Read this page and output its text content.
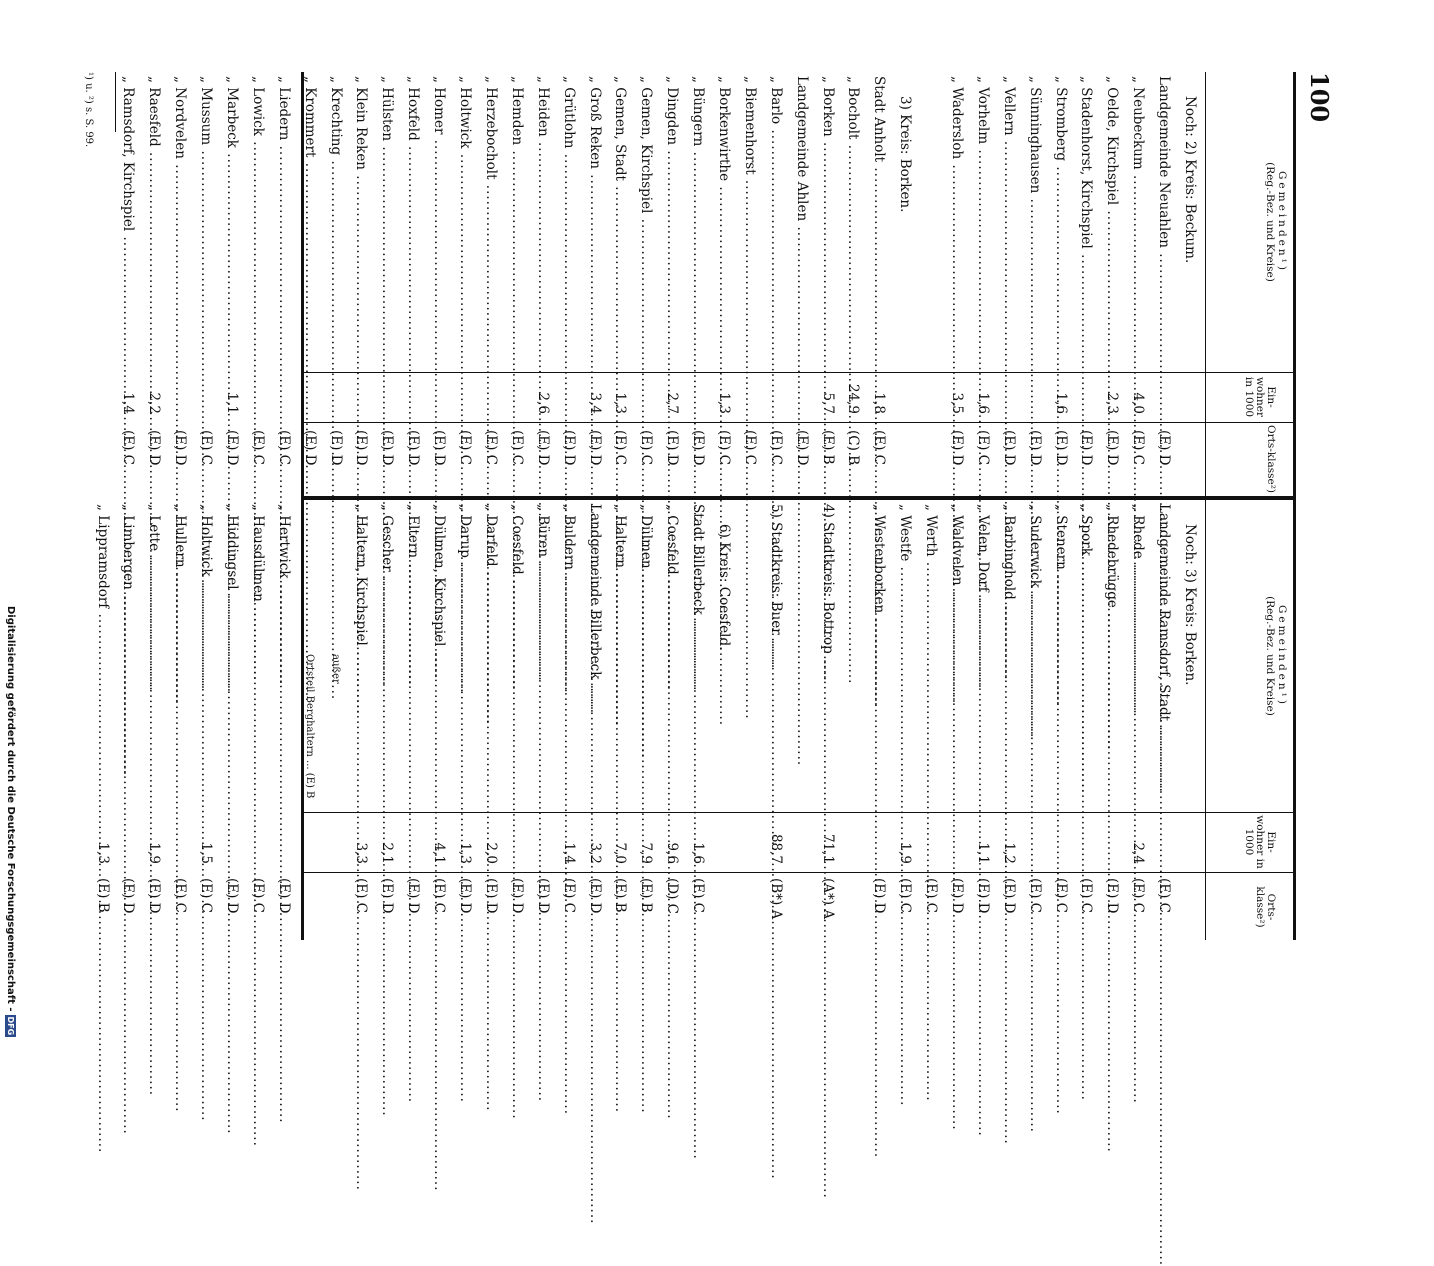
100
Gemeinden¹)
(Reg.-Bez. und Kreise)
Ein-wohner in 1000
Orts-klasse²)
Gemeinden¹)
(Reg.-Bez. und Kreise)
Ein-wohner in 1000
Orts-klasse²)
Noch: 2) Kreis: Beckum.
Landgemeinde Neuahlen .....
(E) D
„ Neubeckum .....
4,0
(E) C
„ Oelde, Kirchspiel .....
2,3
(E) D
„ Stadenhorst, Kirchspiel .....
(E) D
„ Stromberg .....
1,6
(E) D
„ Sünninghausen .....
(E) D
„ Vellern .....
(E) D
„ Vorhelm .....
1,6
(E) C
„ Wadersloh .....
3,5
(E) D
3) Kreis: Borken.
Stadt Anholt .....
1,8
(E) C
„ Bocholt .....
24,9
(C) B
„ Borken .....
5,7
(E) B
Landgemeinde Ahlen .....
(E) D
„ Barlo .....
(E) C
„ Biemenhorst .....
(E) C
„ Borkenwirthe .....
1,3
(E) C
„ Büngern .....
(E) D
„ Dingden .....
2,7
(E) D
„ Gemen, Kirchspiel .....
(E) C
„ Gemen, Stadt .....
1,3
(E) C
„ Groß Reken .....
3,4
(E) D
„ Grütlohn .....
(E) D
„ Heiden .....
2,6
(E) D
„ Hemden .....
(E) C
„ Herzebocholt .....
(E) C
„ Holtwick .....
(E) C
„ Homer .....
(E) D
„ Hoxfeld .....
(E) D
„ Hülsten .....
(E) D
„ Klein Reken .....
(E) D
„ Krechting .....
(E) D
„ Krommert .....
(E) D
„ Liedern .....
(E) C
„ Lowick .....
(E) C
„ Marbeck .....
1,1
(E) D
„ Mussum .....
(E) C
„ Nordvelen .....
(E) D
„ Raesfeld .....
2,2
(E) D
„ Ramsdorf, Kirchspiel .....
1,4
(E) C
Noch: 3) Kreis: Borken.
Landgemeinde Ramsdorf, Stadt .....
(E) C
„ Rhede .....
2,4
(E) C
„ Rhedebrügge .....
(E) D
„ Spork .....
(E) C
„ Stenern .....
(E) C
„ Suderwick .....
(E) C
„ Barbinghold .....
1,2
(E) D
„ Velen, Dorf .....
1,1
(E) D
„ Waldvelen .....
(E) D
„ Werth .....
(E) C
„ Westfe .....
1,9
(E) C
„ Westenborken .....
(E) D
4) Stadtkreis: Bottrop .....
71,1
(A*) A
5) Stadtkreis: Buer .....
88,7
(B*) A
6) Kreis: Coesfeld.
Stadt Billerbeck .....
1,6
(E) C
„ Coesfeld .....
9,6
(D) C
„ Dülmen .....
7,9
(E) B
„ Haltern .....
7,0
(E) B
Landgemeinde Billerbeck .....
3,2
(E) D
„ Buldern .....
1,4
(E) C
„ Büren .....
(E) D
„ Coesfeld .....
(E) D
„ Darfeld .....
2,0
(E) D
„ Darup .....
1,3
(E) D
„ Dülmen, Kirchspiel .....
4,1
(E) C
„ Eltern .....
(E) D
„ Gescher .....
2,1
(E) D
„ Haltern, Kirchspiel .....
3,3
(E) C
außer
Ortsteil Berghaltern ... (E) B
„ Hertwick .....
(E) D
„ Hausdülmen .....
(E) C
„ Hiddingsel .....
(E) D
„ Holtwick .....
1,5
(E) C
„ Hullern .....
(E) C
„ Lette .....
1,9
(E) D
„ Limbergen .....
(E) D
„ Lippramsdorf .....
1,3
(E) B
¹) u. ²) s. S. 99.
Digitalisierung gefördert durch die Deutsche Forschungsgemeinschaft -DFG
